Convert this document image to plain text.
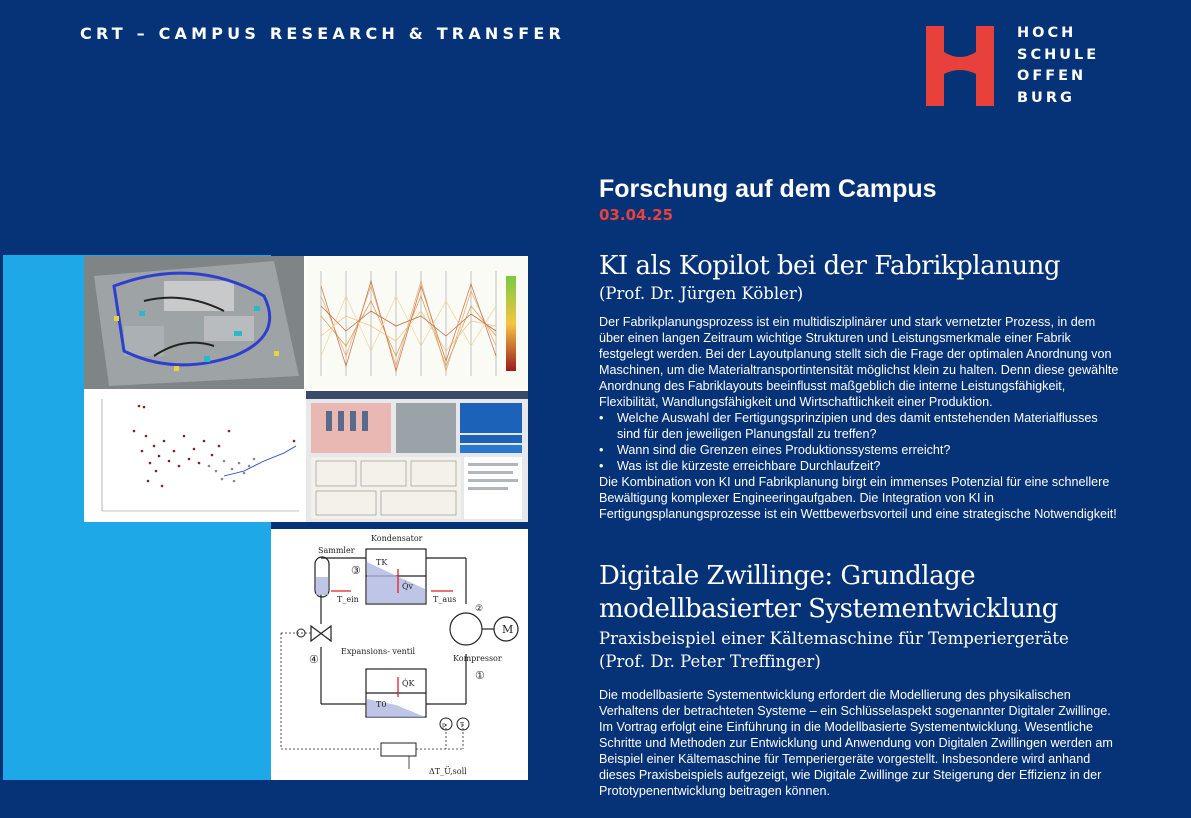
CRT – CAMPUS RESEARCH & TRANSFER	HOCH
SCHULE
OFFEN
BURG
Forschung auf dem Campus
03.04.25
KI als Kopilot bei der Fabrikplanung
(Prof. Dr. Jürgen Köbler)

Der Fabrikplanungsprozess ist ein multidisziplinärer und stark vernetzter Prozess, in dem über einen langen Zeitraum wichtige Strukturen und Leistungsmerkmale einer Fabrik festgelegt werden. Bei der Layoutplanung stellt sich die Frage der optimalen Anordnung von Maschinen, um die Materialtransportintensität möglichst klein zu halten. Denn diese gewählte Anordnung des Fabriklayouts beeinflusst maßgeblich die interne Leistungsfähigkeit, Flexibilität, Wandlungsfähigkeit und Wirtschaftlichkeit einer Produktion.

• Welche Auswahl der Fertigungsprinzipien und des damit entstehenden Materialflusses sind für den jeweiligen Planungsfall zu treffen?
• Wann sind die Grenzen eines Produktionssystems erreicht?
• Was ist die kürzeste erreichbare Durchlaufzeit?

Die Kombination von KI und Fabrikplanung birgt ein immenses Potenzial für eine schnellere Bewältigung komplexer Engineeringaufgaben. Die Integration von KI in Fertigungsplanungsprozesse ist ein Wettbewerbsvorteil und eine strategische Notwendigkeit!

Digitale Zwillinge: Grundlage modellbasierter Systementwicklung
Praxisbeispiel einer Kältemaschine für Temperiergeräte
(Prof. Dr. Peter Treffinger)

Die modellbasierte Systementwicklung erfordert die Modellierung des physikalischen Verhaltens der betrachteten Systeme – ein Schlüsselaspekt sogenannter Digitaler Zwillinge.

Im Vortrag erfolgt eine Einführung in die Modellbasierte Systementwicklung. Wesentliche Schritte und Methoden zur Entwicklung und Anwendung von Digitalen Zwillingen werden am Beispiel einer Kältemaschine für Temperiergeräte vorgestellt. Insbesondere wird anhand dieses Praxisbeispiels aufgezeigt, wie Digitale Zwillinge zur Steigerung der Effizienz in der Prototypenentwicklung beitragen können.

Kondensator
Sammler
Expansions- ventil
Kompressor
M
③
④
①
②
T_ein	T_aus
Q̇v
Q̇K
TK
T0
p T
ΔT_Ü,soll
